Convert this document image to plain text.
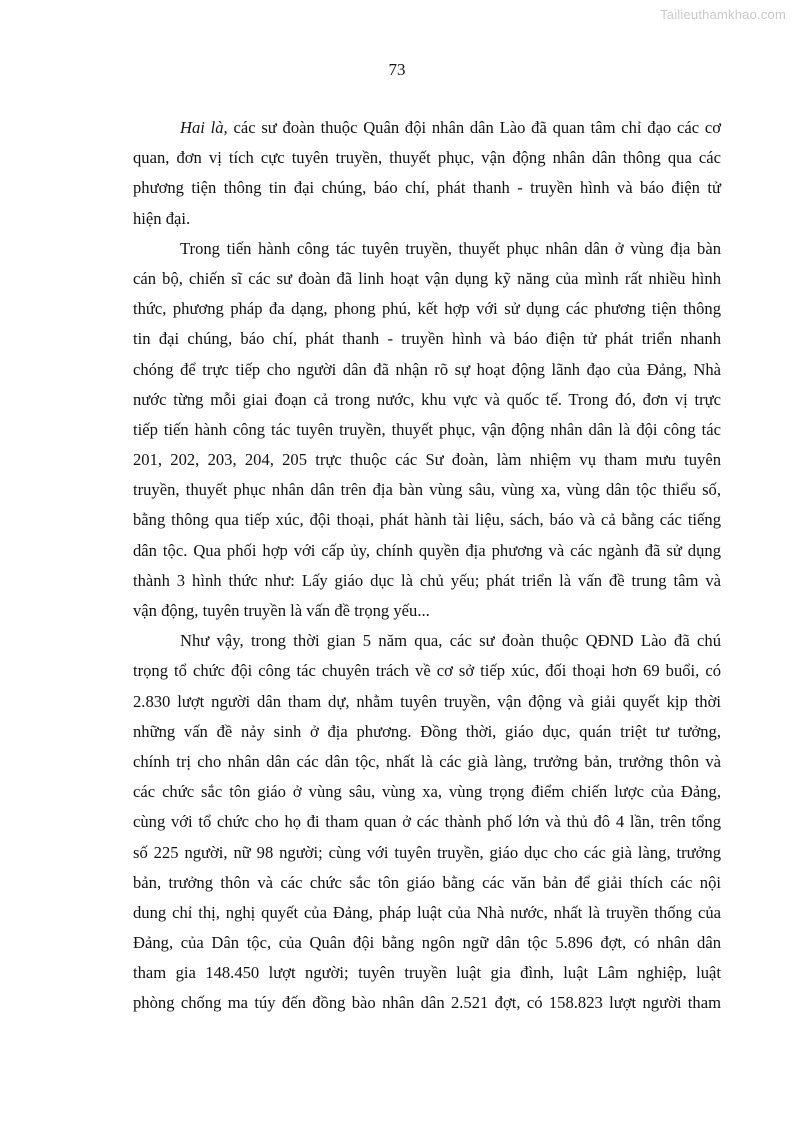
Tailieuthamkhao.com
73
Hai là, các sư đoàn thuộc Quân đội nhân dân Lào đã quan tâm chỉ đạo các cơ
quan, đơn vị tích cực tuyên truyền, thuyết phục, vận động nhân dân thông qua các
phương tiện thông tin đại chúng, báo chí, phát thanh - truyền hình và báo điện tử
hiện đại.
Trong tiến hành công tác tuyên truyền, thuyết phục nhân dân ở vùng địa bàn
cán bộ, chiến sĩ các sư đoàn đã linh hoạt vận dụng kỹ năng của mình rất nhiều hình
thức, phương pháp đa dạng, phong phú, kết hợp với sử dụng các phương tiện thông
tin đại chúng, báo chí, phát thanh - truyền hình và báo điện tử phát triển nhanh
chóng để trực tiếp cho người dân đã nhận rõ sự hoạt động lãnh đạo của Đảng, Nhà
nước từng mỗi giai đoạn cả trong nước, khu vực và quốc tế. Trong đó, đơn vị trực
tiếp tiến hành công tác tuyên truyền, thuyết phục, vận động nhân dân là đội công tác
201, 202, 203, 204, 205 trực thuộc các Sư đoàn, làm nhiệm vụ tham mưu tuyên
truyền, thuyết phục nhân dân trên địa bàn vùng sâu, vùng xa, vùng dân tộc thiểu số,
bằng thông qua tiếp xúc, đội thoại, phát hành tài liệu, sách, báo và cả bằng các tiếng
dân tộc. Qua phối hợp với cấp ủy, chính quyền địa phương và các ngành đã sử dụng
thành 3 hình thức như: Lấy giáo dục là chủ yếu; phát triển là vấn đề trung tâm và
vận động, tuyên truyền là vấn đề trọng yếu...
Như vậy, trong thời gian 5 năm qua, các sư đoàn thuộc QĐND Lào đã chú
trọng tổ chức đội công tác chuyên trách về cơ sở tiếp xúc, đối thoại hơn 69 buổi, có
2.830 lượt người dân tham dự, nhằm tuyên truyền, vận động và giải quyết kịp thời
những vấn đề nảy sinh ở địa phương. Đồng thời, giáo dục, quán triệt tư tưởng,
chính trị cho nhân dân các dân tộc, nhất là các già làng, trưởng bản, trưởng thôn và
các chức sắc tôn giáo ở vùng sâu, vùng xa, vùng trọng điểm chiến lược của Đảng,
cùng với tổ chức cho họ đi tham quan ở các thành phố lớn và thủ đô 4 lần, trên tổng
số 225 người, nữ 98 người; cùng với tuyên truyền, giáo dục cho các già làng, trưởng
bản, trưởng thôn và các chức sắc tôn giáo bằng các văn bản để giải thích các nội
dung chỉ thị, nghị quyết của Đảng, pháp luật của Nhà nước, nhất là truyền thống của
Đảng, của Dân tộc, của Quân đội bằng ngôn ngữ dân tộc 5.896 đợt, có nhân dân
tham gia 148.450 lượt người; tuyên truyền luật gia đình, luật Lâm nghiệp, luật
phòng chống ma túy đến đồng bào nhân dân 2.521 đợt, có 158.823 lượt người tham
